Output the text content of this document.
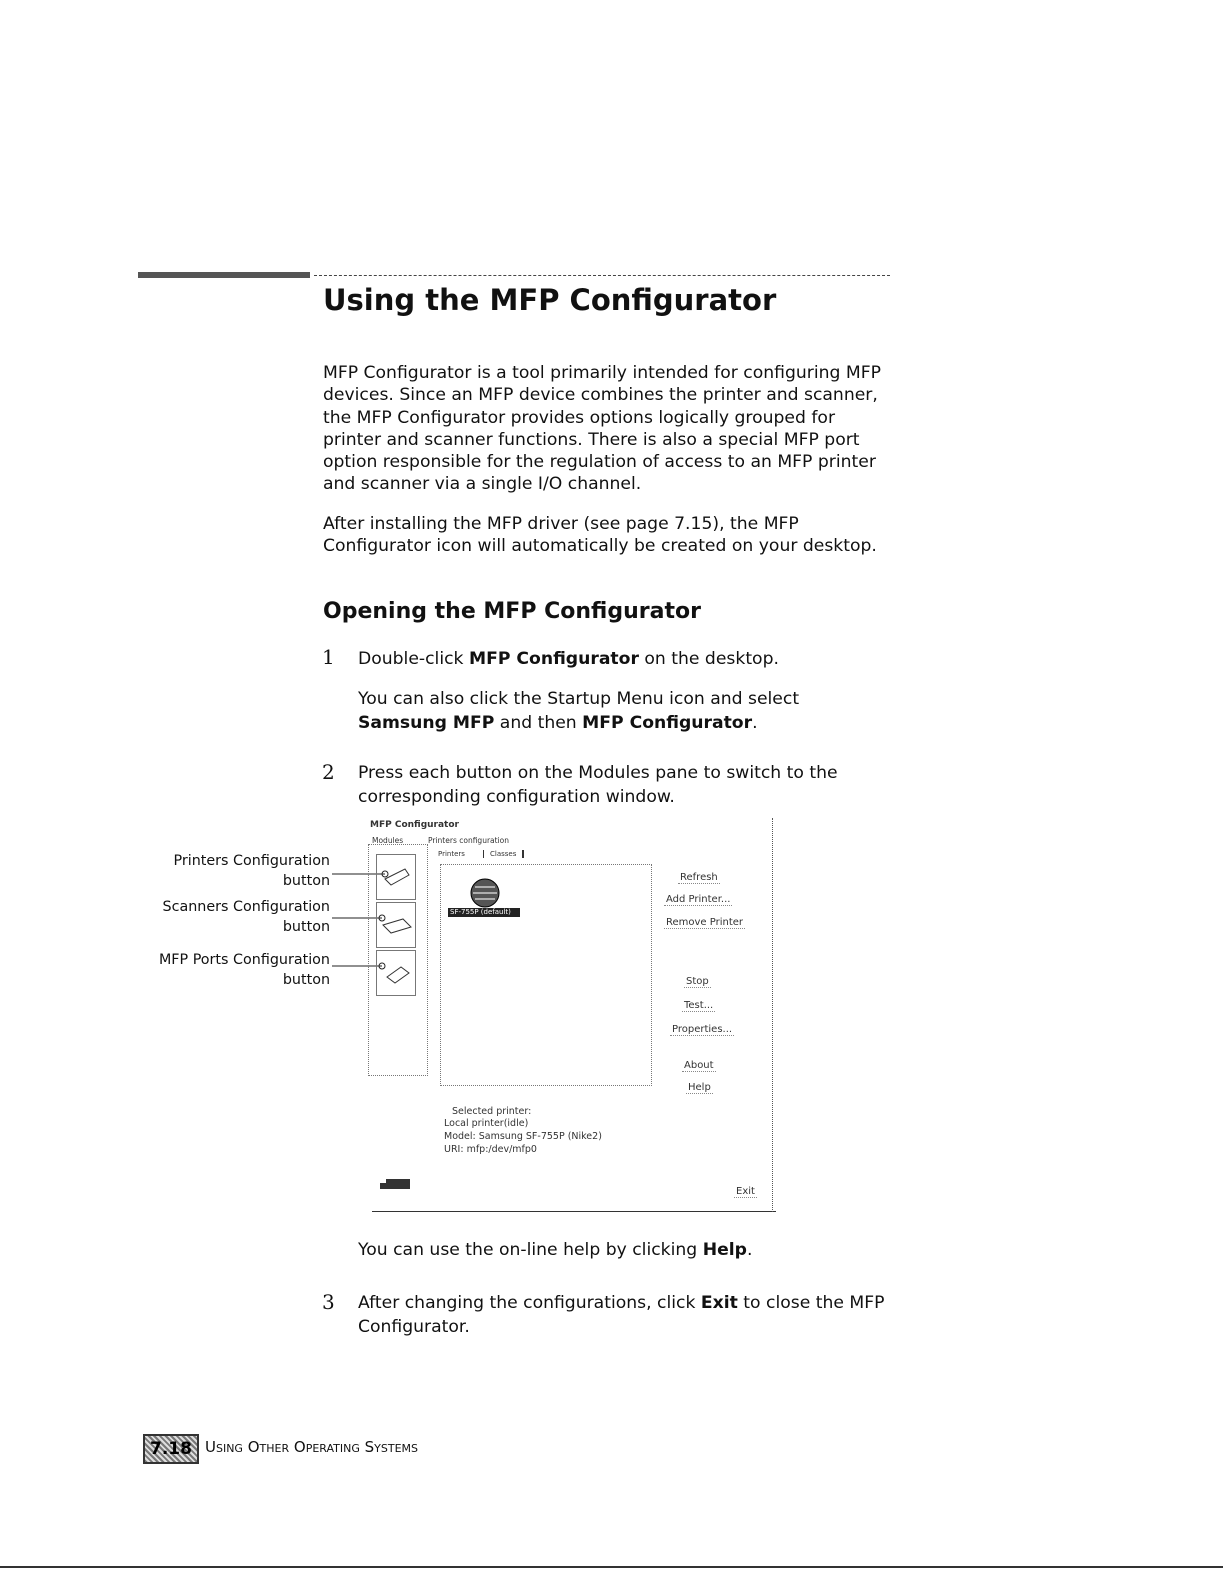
Using the MFP Configurator

MFP Configurator is a tool primarily intended for configuring MFP devices. Since an MFP device combines the printer and scanner, the MFP Configurator provides options logically grouped for printer and scanner functions. There is also a special MFP port option responsible for the regulation of access to an MFP printer and scanner via a single I/O channel.

After installing the MFP driver (see page 7.15), the MFP Configurator icon will automatically be created on your desktop.

Opening the MFP Configurator
1 Double-click MFP Configurator on the desktop.

You can also click the Startup Menu icon and select Samsung MFP and then MFP Configurator.

2 Press each button on the Modules pane to switch to the corresponding configuration window.

Printers Configuration
button
Scanners Configuration
button
MFP Ports Configuration
button
MFP Configurator
Modules	Printers configuration
Printers	Classes
SF-755P (default)
Refresh
Add Printer...
Remove Printer
Stop
Test...
Properties...
About
Help
Selected printer:
Local printer(idle)
Model: Samsung SF-755P (Nike2)
URI: mfp:/dev/mfp0
Exit

You can use the on-line help by clicking Help.

3 After changing the configurations, click Exit to close the MFP Configurator.

7.18 Using Other Operating Systems
